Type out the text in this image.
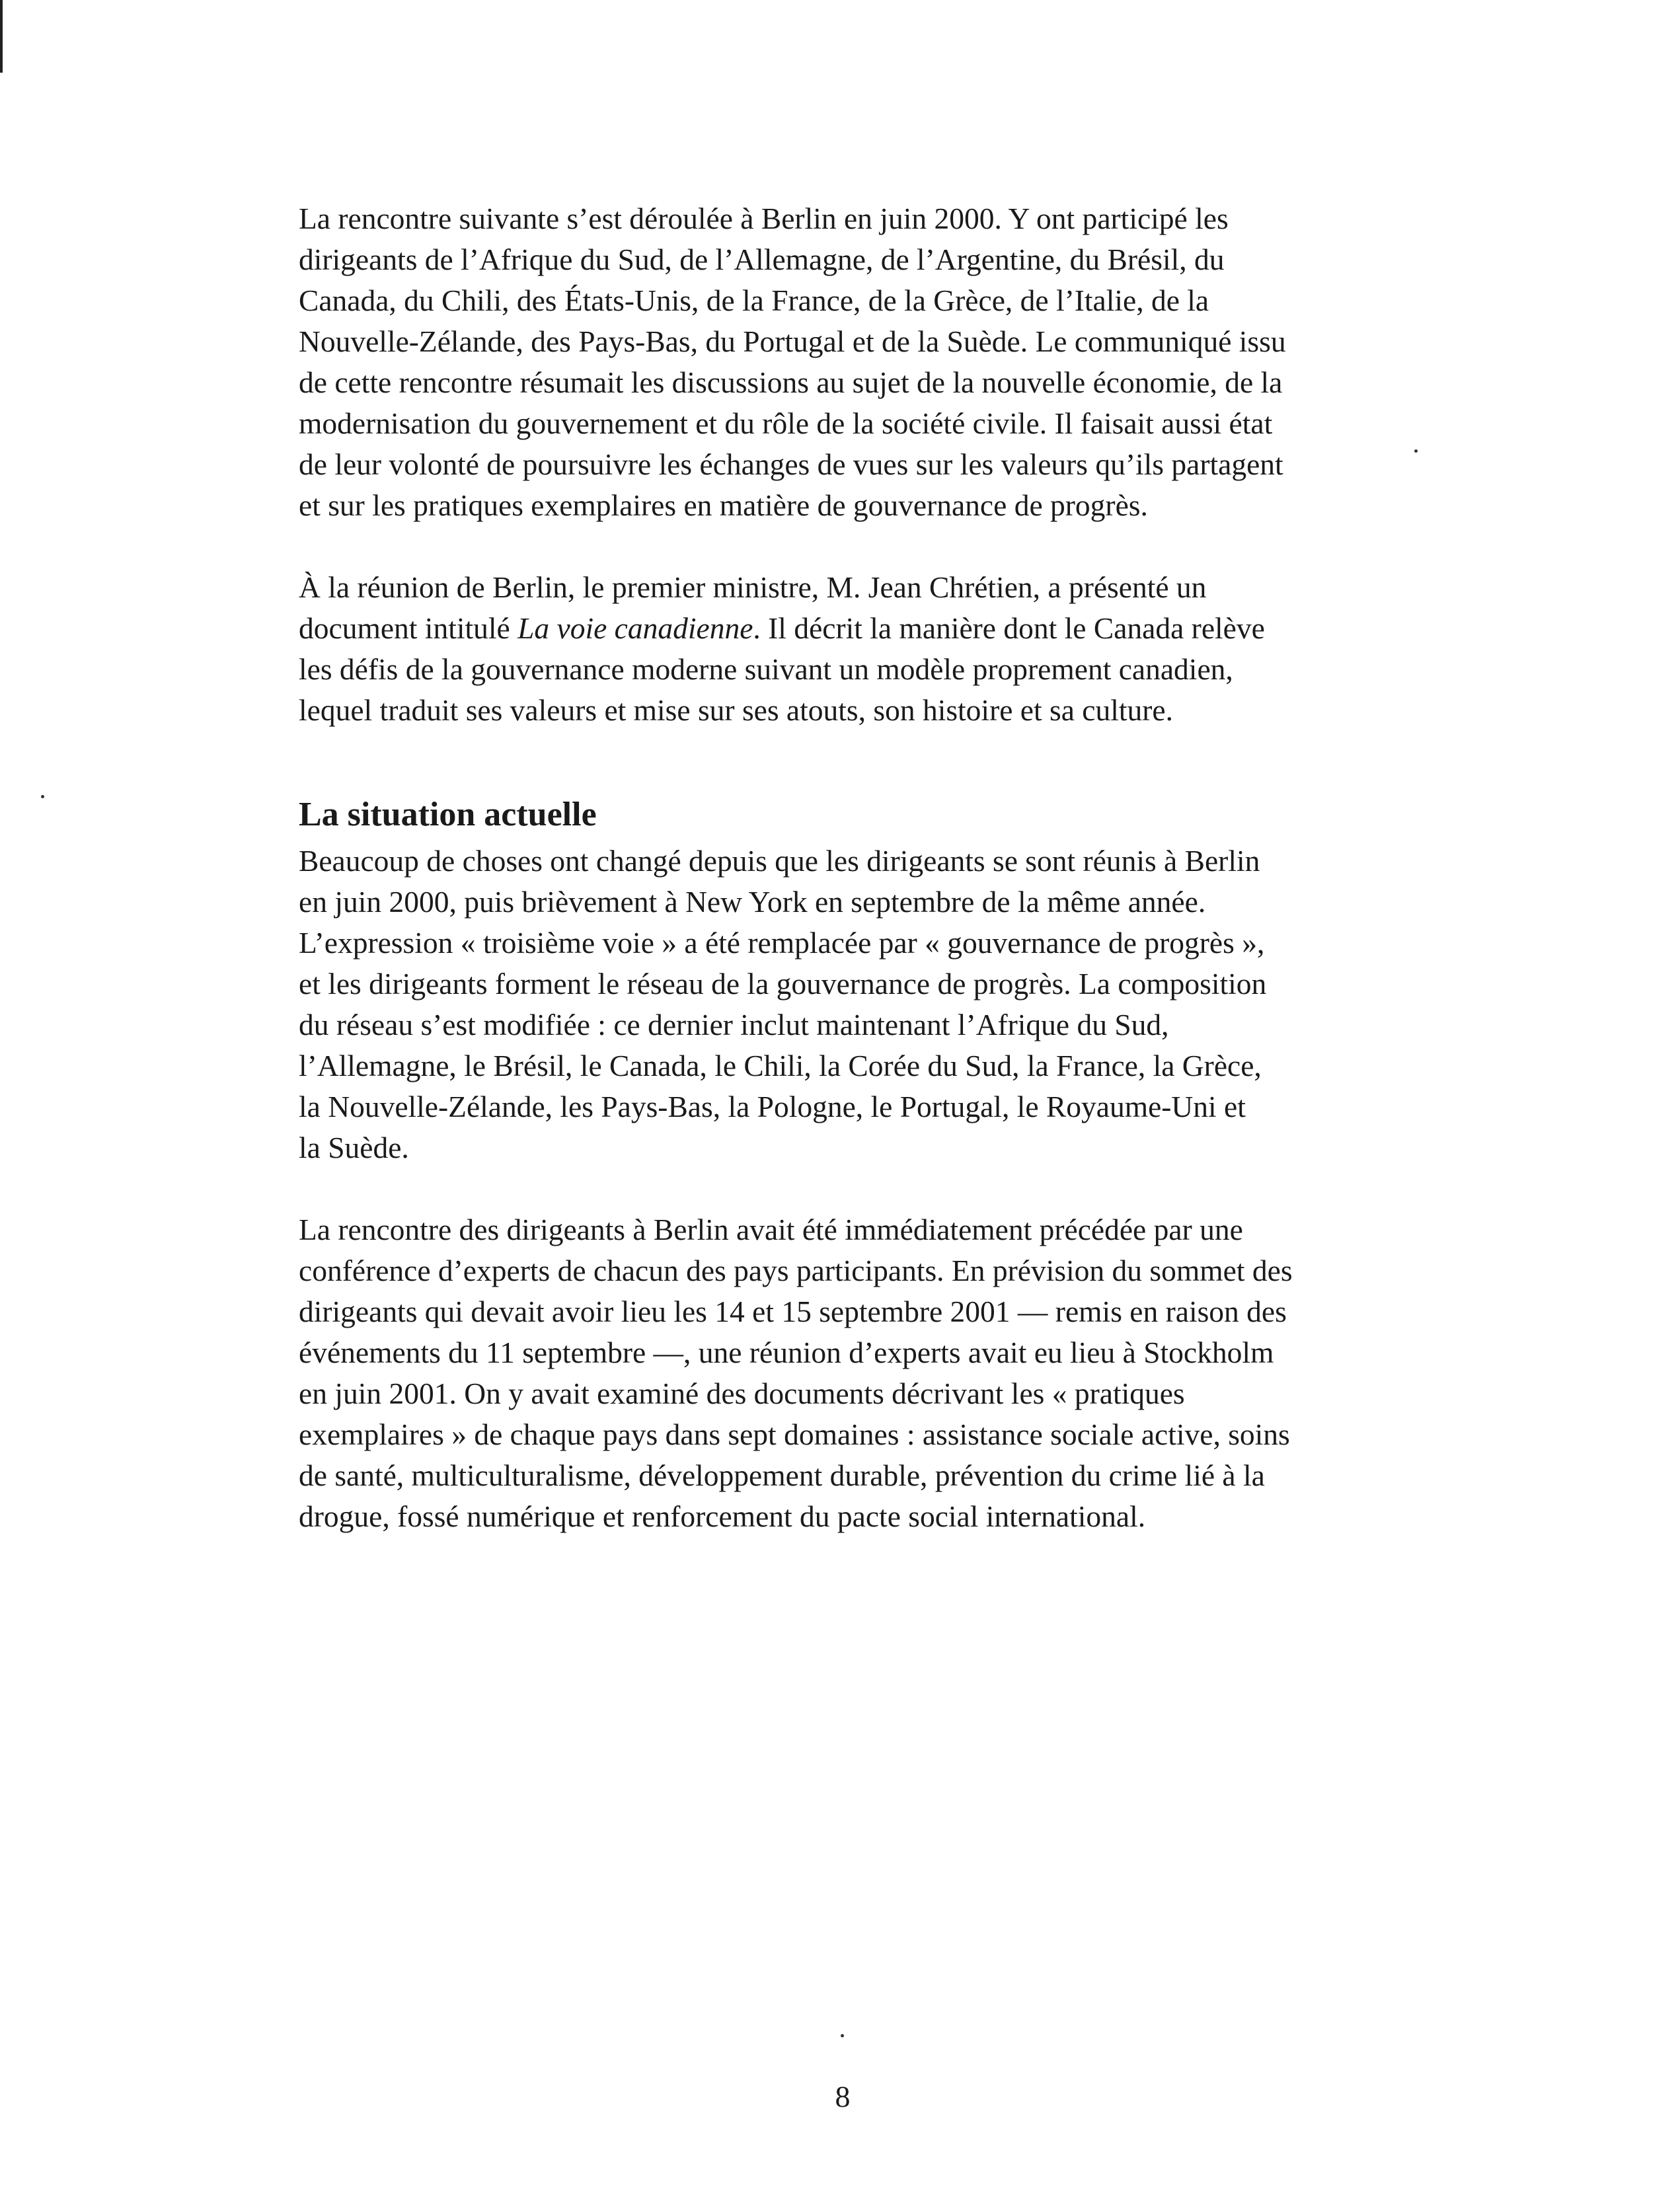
La rencontre suivante s’est déroulée à Berlin en juin 2000. Y ont participé les
dirigeants de l’Afrique du Sud, de l’Allemagne, de l’Argentine, du Brésil, du
Canada, du Chili, des États-Unis, de la France, de la Grèce, de l’Italie, de la
Nouvelle-Zélande, des Pays-Bas, du Portugal et de la Suède. Le communiqué issu
de cette rencontre résumait les discussions au sujet de la nouvelle économie, de la
modernisation du gouvernement et du rôle de la société civile. Il faisait aussi état
de leur volonté de poursuivre les échanges de vues sur les valeurs qu’ils partagent
et sur les pratiques exemplaires en matière de gouvernance de progrès.

À la réunion de Berlin, le premier ministre, M. Jean Chrétien, a présenté un
document intitulé La voie canadienne. Il décrit la manière dont le Canada relève
les défis de la gouvernance moderne suivant un modèle proprement canadien,
lequel traduit ses valeurs et mise sur ses atouts, son histoire et sa culture.

La situation actuelle

Beaucoup de choses ont changé depuis que les dirigeants se sont réunis à Berlin
en juin 2000, puis brièvement à New York en septembre de la même année.
L’expression « troisième voie » a été remplacée par « gouvernance de progrès »,
et les dirigeants forment le réseau de la gouvernance de progrès. La composition
du réseau s’est modifiée : ce dernier inclut maintenant l’Afrique du Sud,
l’Allemagne, le Brésil, le Canada, le Chili, la Corée du Sud, la France, la Grèce,
la Nouvelle-Zélande, les Pays-Bas, la Pologne, le Portugal, le Royaume-Uni et
la Suède.

La rencontre des dirigeants à Berlin avait été immédiatement précédée par une
conférence d’experts de chacun des pays participants. En prévision du sommet des
dirigeants qui devait avoir lieu les 14 et 15 septembre 2001 — remis en raison des
événements du 11 septembre —, une réunion d’experts avait eu lieu à Stockholm
en juin 2001. On y avait examiné des documents décrivant les « pratiques
exemplaires » de chaque pays dans sept domaines : assistance sociale active, soins
de santé, multiculturalisme, développement durable, prévention du crime lié à la
drogue, fossé numérique et renforcement du pacte social international.

8
